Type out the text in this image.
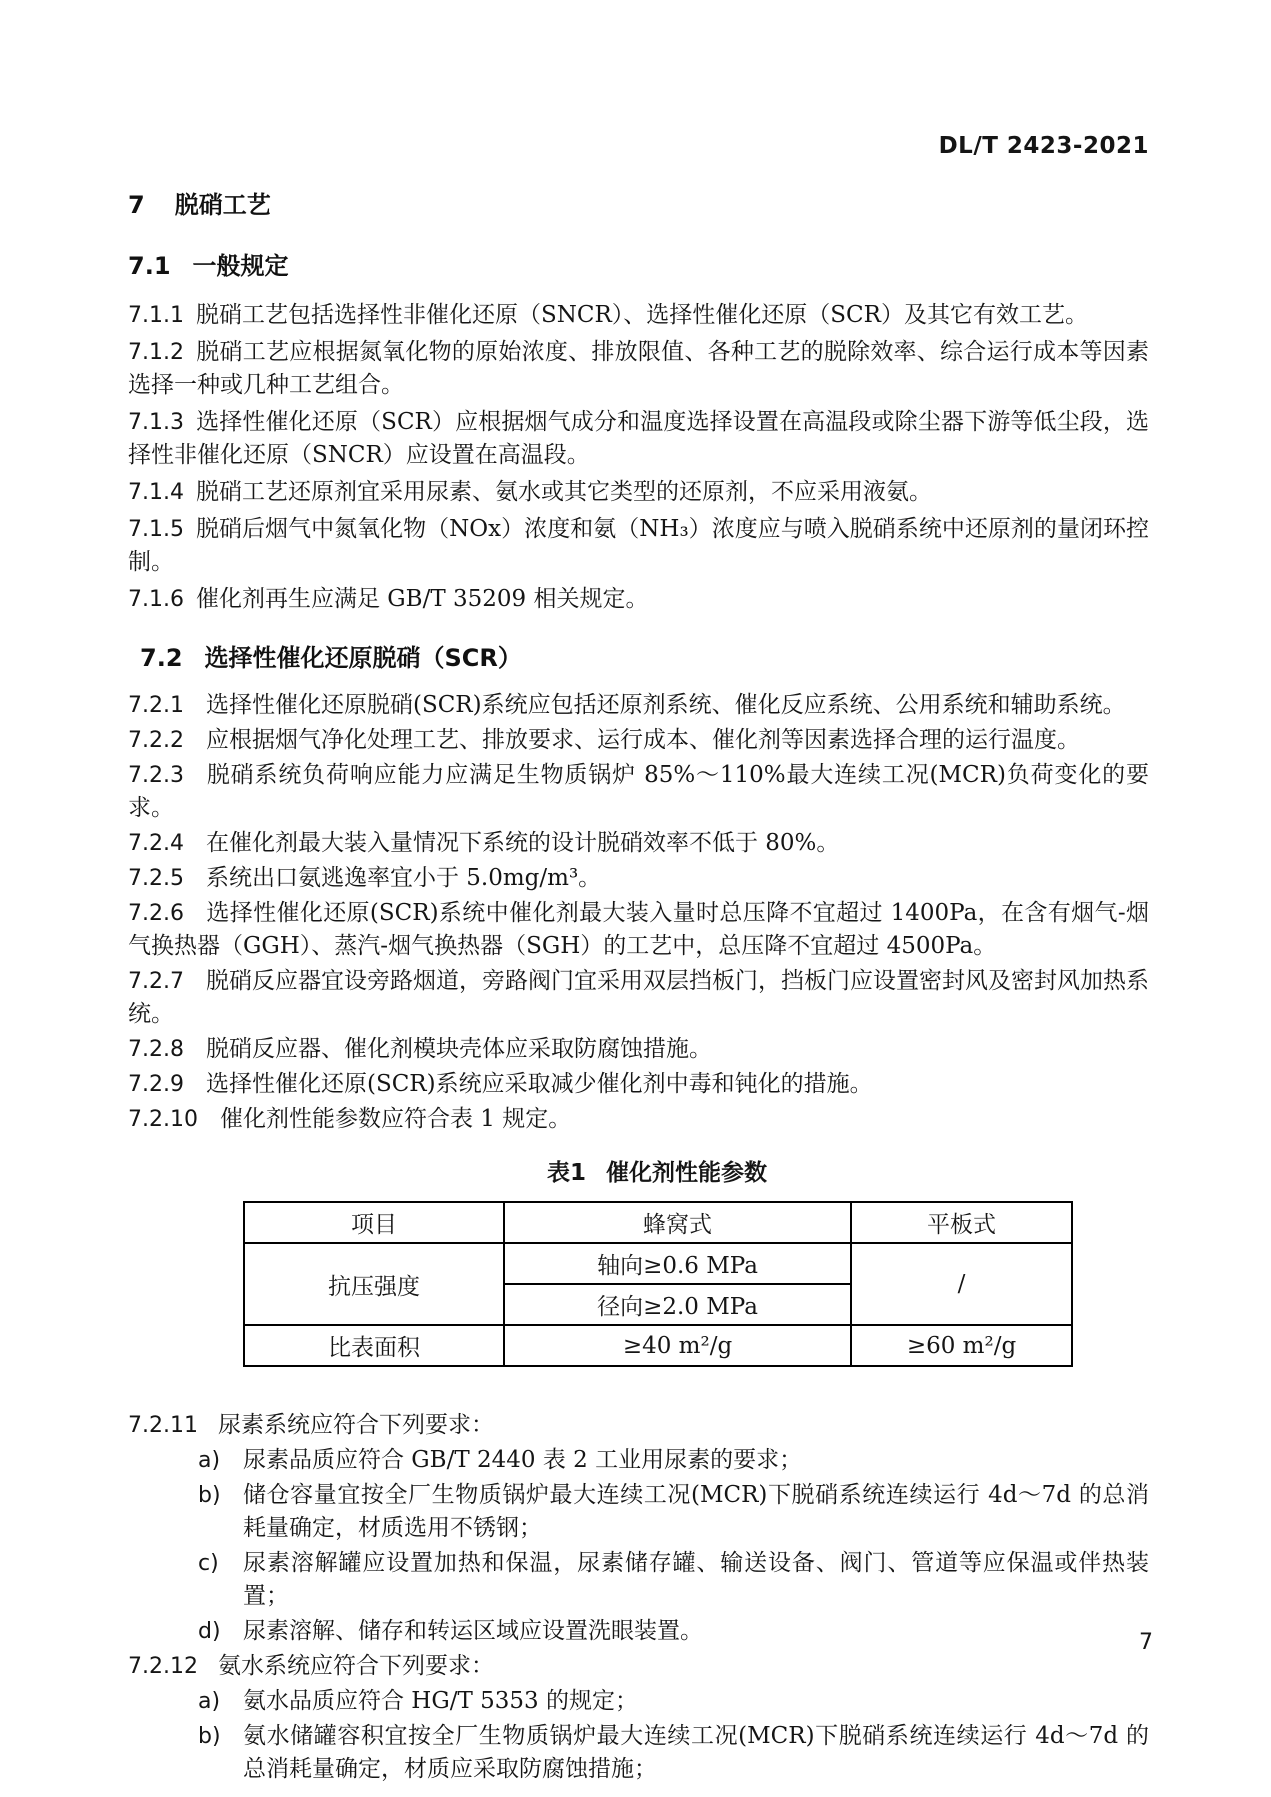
DL/T 2423-2021
7 脱硝工艺
7.1 一般规定

7.1.1 脱硝工艺包括选择性非催化还原（SNCR）、选择性催化还原（SCR）及其它有效工艺。

7.1.2 脱硝工艺应根据氮氧化物的原始浓度、排放限值、各种工艺的脱除效率、综合运行成本等因素选择一种或几种工艺组合。

7.1.3 选择性催化还原（SCR）应根据烟气成分和温度选择设置在高温段或除尘器下游等低尘段，选择性非催化还原（SNCR）应设置在高温段。

7.1.4 脱硝工艺还原剂宜采用尿素、氨水或其它类型的还原剂，不应采用液氨。

7.1.5 脱硝后烟气中氮氧化物（NOx）浓度和氨（NH₃）浓度应与喷入脱硝系统中还原剂的量闭环控制。

7.1.6 催化剂再生应满足 GB/T 35209 相关规定。

7.2 选择性催化还原脱硝（SCR）

7.2.1 选择性催化还原脱硝(SCR)系统应包括还原剂系统、催化反应系统、公用系统和辅助系统。

7.2.2 应根据烟气净化处理工艺、排放要求、运行成本、催化剂等因素选择合理的运行温度。

7.2.3 脱硝系统负荷响应能力应满足生物质锅炉 85%～110%最大连续工况(MCR)负荷变化的要求。

7.2.4 在催化剂最大装入量情况下系统的设计脱硝效率不低于 80%。

7.2.5 系统出口氨逃逸率宜小于 5.0mg/m³。

7.2.6 选择性催化还原(SCR)系统中催化剂最大装入量时总压降不宜超过 1400Pa，在含有烟气-烟气换热器（GGH）、蒸汽-烟气换热器（SGH）的工艺中，总压降不宜超过 4500Pa。

7.2.7 脱硝反应器宜设旁路烟道，旁路阀门宜采用双层挡板门，挡板门应设置密封风及密封风加热系统。

7.2.8 脱硝反应器、催化剂模块壳体应采取防腐蚀措施。

7.2.9 选择性催化还原(SCR)系统应采取减少催化剂中毒和钝化的措施。

7.2.10 催化剂性能参数应符合表 1 规定。

表1 催化剂性能参数
项目	蜂窝式	平板式
抗压强度	轴向≥0.6 MPa	/
	径向≥2.0 MPa	
比表面积	≥40 m²/g	≥60 m²/g

7.2.11 尿素系统应符合下列要求：

a) 尿素品质应符合 GB/T 2440 表 2 工业用尿素的要求；
b) 储仓容量宜按全厂生物质锅炉最大连续工况(MCR)下脱硝系统连续运行 4d～7d 的总消耗量确定，材质选用不锈钢；
c) 尿素溶解罐应设置加热和保温，尿素储存罐、输送设备、阀门、管道等应保温或伴热装置；
d) 尿素溶解、储存和转运区域应设置洗眼装置。

7.2.12 氨水系统应符合下列要求：

a) 氨水品质应符合 HG/T 5353 的规定；
b) 氨水储罐容积宜按全厂生物质锅炉最大连续工况(MCR)下脱硝系统连续运行 4d～7d 的总消耗量确定，材质应采取防腐蚀措施；
7
